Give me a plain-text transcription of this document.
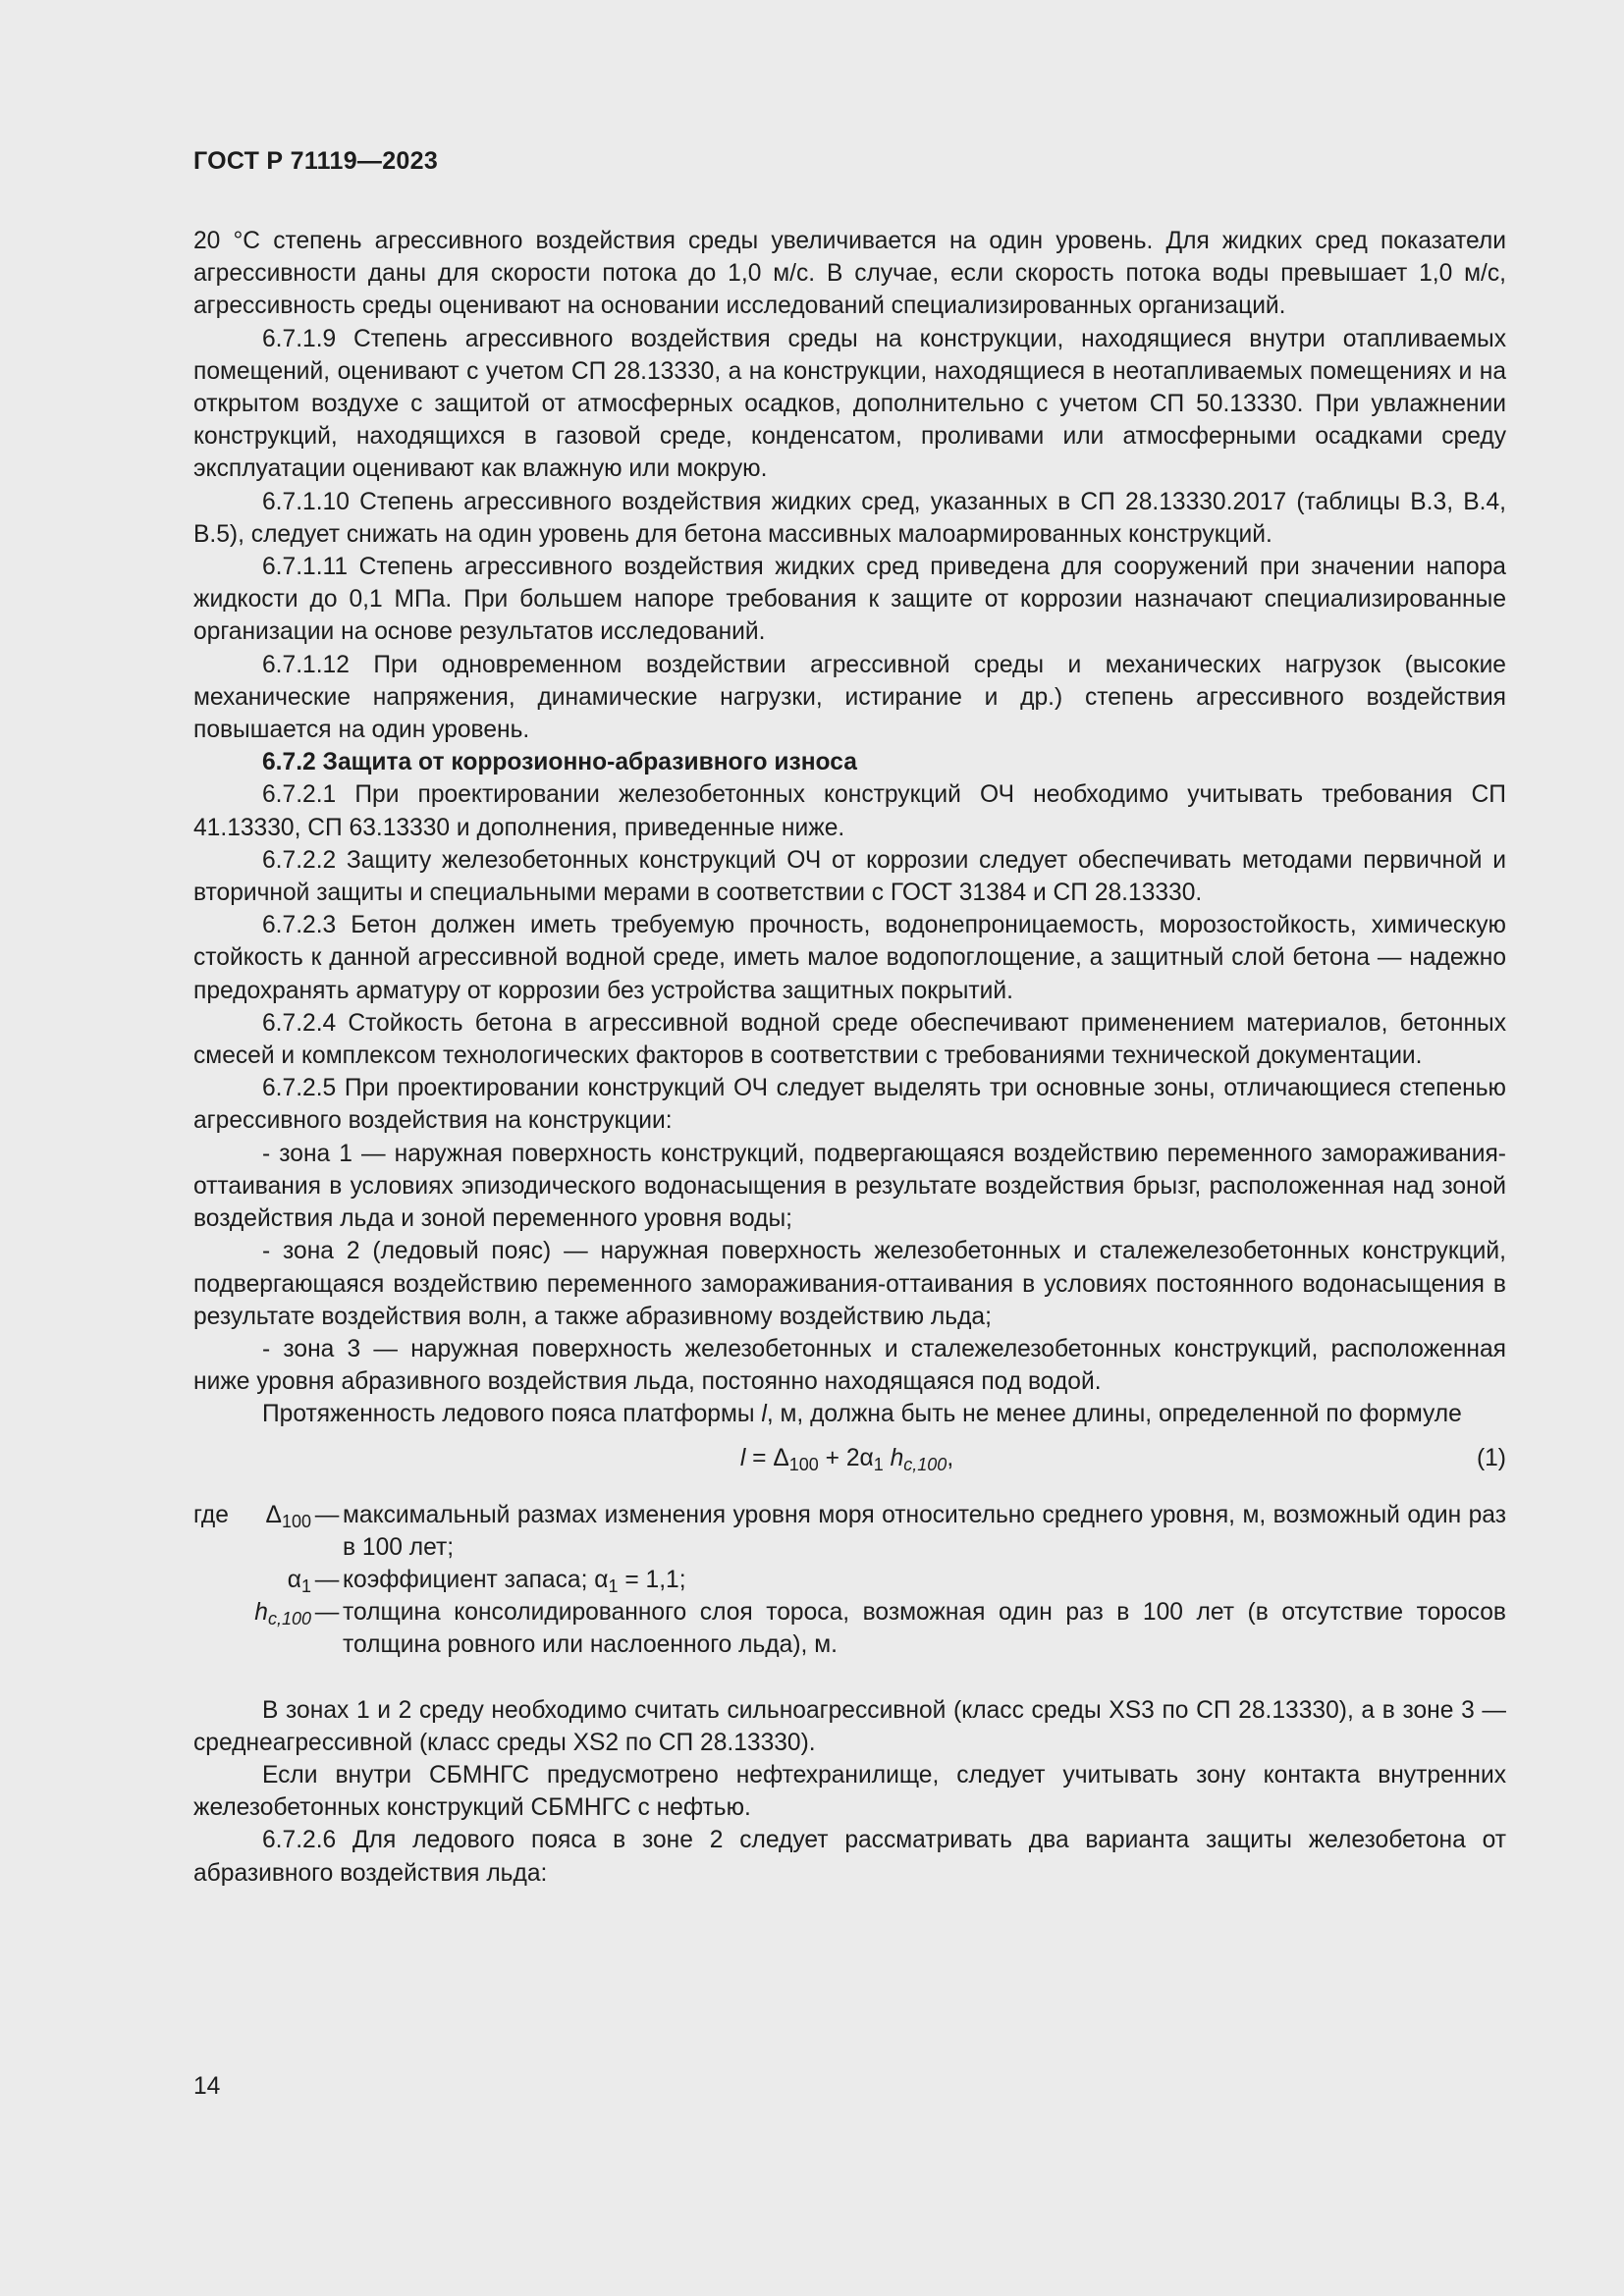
ГОСТ Р 71119—2023

20 °С степень агрессивного воздействия среды увеличивается на один уровень. Для жидких сред показатели агрессивности даны для скорости потока до 1,0 м/с. В случае, если скорость потока воды превышает 1,0 м/с, агрессивность среды оценивают на основании исследований специализированных организаций.

6.7.1.9 Степень агрессивного воздействия среды на конструкции, находящиеся внутри отапливаемых помещений, оценивают с учетом СП 28.13330, а на конструкции, находящиеся в неотапливаемых помещениях и на открытом воздухе с защитой от атмосферных осадков, дополнительно с учетом СП 50.13330. При увлажнении конструкций, находящихся в газовой среде, конденсатом, проливами или атмосферными осадками среду эксплуатации оценивают как влажную или мокрую.

6.7.1.10 Степень агрессивного воздействия жидких сред, указанных в СП 28.13330.2017 (таблицы В.3, В.4, В.5), следует снижать на один уровень для бетона массивных малоармированных конструкций.

6.7.1.11 Степень агрессивного воздействия жидких сред приведена для сооружений при значении напора жидкости до 0,1 МПа. При большем напоре требования к защите от коррозии назначают специализированные организации на основе результатов исследований.

6.7.1.12 При одновременном воздействии агрессивной среды и механических нагрузок (высокие механические напряжения, динамические нагрузки, истирание и др.) степень агрессивного воздействия повышается на один уровень.

6.7.2 Защита от коррозионно-абразивного износа

6.7.2.1 При проектировании железобетонных конструкций ОЧ необходимо учитывать требования СП 41.13330, СП 63.13330 и дополнения, приведенные ниже.

6.7.2.2 Защиту железобетонных конструкций ОЧ от коррозии следует обеспечивать методами первичной и вторичной защиты и специальными мерами в соответствии с ГОСТ 31384 и СП 28.13330.

6.7.2.3 Бетон должен иметь требуемую прочность, водонепроницаемость, морозостойкость, химическую стойкость к данной агрессивной водной среде, иметь малое водопоглощение, а защитный слой бетона — надежно предохранять арматуру от коррозии без устройства защитных покрытий.

6.7.2.4 Стойкость бетона в агрессивной водной среде обеспечивают применением материалов, бетонных смесей и комплексом технологических факторов в соответствии с требованиями технической документации.

6.7.2.5 При проектировании конструкций ОЧ следует выделять три основные зоны, отличающиеся степенью агрессивного воздействия на конструкции:

- зона 1 — наружная поверхность конструкций, подвергающаяся воздействию переменного замораживания-оттаивания в условиях эпизодического водонасыщения в результате воздействия брызг, расположенная над зоной воздействия льда и зоной переменного уровня воды;

- зона 2 (ледовый пояс) — наружная поверхность железобетонных и сталежелезобетонных конструкций, подвергающаяся воздействию переменного замораживания-оттаивания в условиях постоянного водонасыщения в результате воздействия волн, а также абразивному воздействию льда;

- зона 3 — наружная поверхность железобетонных и сталежелезобетонных конструкций, расположенная ниже уровня абразивного воздействия льда, постоянно находящаяся под водой.

Протяженность ледового пояса платформы l, м, должна быть не менее длины, определенной по формуле

$l = \Delta_{100} + 2\alpha_1$ $h_{c,100}$,	(1)
где $\Delta_{100}$ — максимальный размах изменения уровня моря относительно среднего уровня, м, возможный один раз в 100 лет;
$\alpha_1$ — коэффициент запаса; $\alpha_1 = 1,1$;
$h_{c,100}$ — толщина консолидированного слоя тороса, возможная один раз в 100 лет (в отсутствие торосов толщина ровного или наслоенного льда), м.

В зонах 1 и 2 среду необходимо считать сильноагрессивной (класс среды XS3 по СП 28.13330), а в зоне 3 — среднеагрессивной (класс среды XS2 по СП 28.13330).

Если внутри СБМНГС предусмотрено нефтехранилище, следует учитывать зону контакта внутренних железобетонных конструкций СБМНГС с нефтью.

6.7.2.6 Для ледового пояса в зоне 2 следует рассматривать два варианта защиты железобетона от абразивного воздействия льда:

14
